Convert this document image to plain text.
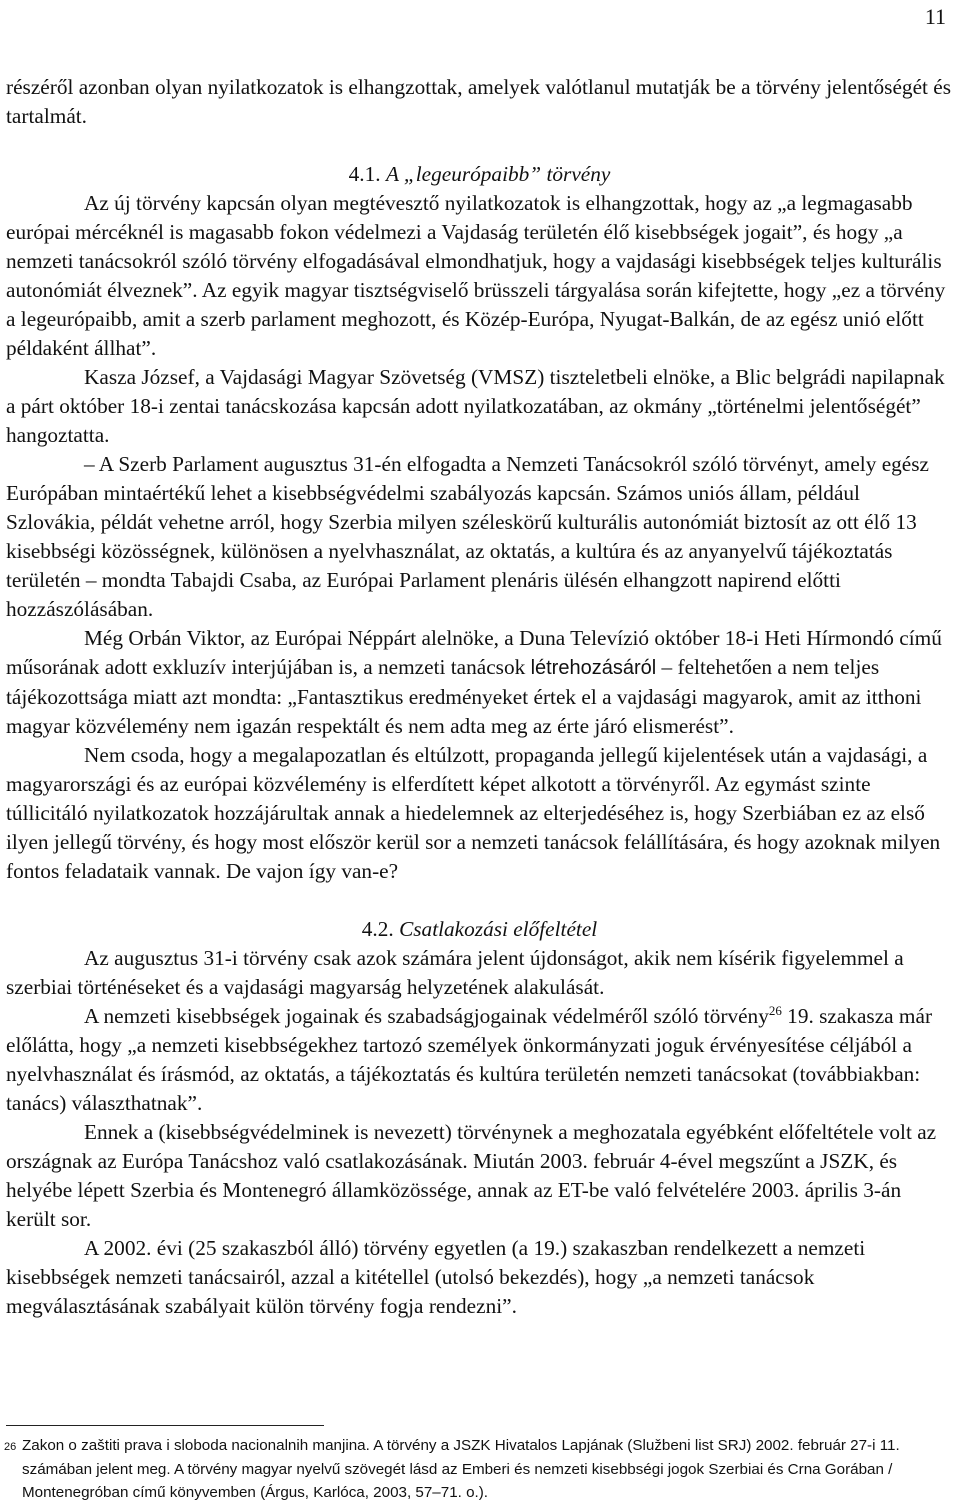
11

részéről azonban olyan nyilatkozatok is elhangzottak, amelyek valótlanul mutatják be a törvény jelentőségét és tartalmát.

4.1. A „legeurópaibb” törvény

Az új törvény kapcsán olyan megtévesztő nyilatkozatok is elhangzottak, hogy az „a legmagasabb európai mércéknél is magasabb fokon védelmezi a Vajdaság területén élő kisebbségek jogait”, és hogy „a nemzeti tanácsokról szóló törvény elfogadásával elmondhatjuk, hogy a vajdasági kisebbségek teljes kulturális autonómiát élveznek”. Az egyik magyar tisztségviselő brüsszeli tárgyalása során kifejtette, hogy „ez a törvény a legeurópaibb, amit a szerb parlament meghozott, és Közép-Európa, Nyugat-Balkán, de az egész unió előtt példaként állhat”.

Kasza József, a Vajdasági Magyar Szövetség (VMSZ) tiszteletbeli elnöke, a Blic belgrádi napilapnak a párt október 18-i zentai tanácskozása kapcsán adott nyilatkozatában, az okmány „történelmi jelentőségét” hangoztatta.

– A Szerb Parlament augusztus 31-én elfogadta a Nemzeti Tanácsokról szóló törvényt, amely egész Európában mintaértékű lehet a kisebbségvédelmi szabályozás kapcsán. Számos uniós állam, például Szlovákia, példát vehetne arról, hogy Szerbia milyen széleskörű kulturális autonómiát biztosít az ott élő 13 kisebbségi közösségnek, különösen a nyelvhasználat, az oktatás, a kultúra és az anyanyelvű tájékoztatás területén – mondta Tabajdi Csaba, az Európai Parlament plenáris ülésén elhangzott napirend előtti hozzászólásában.

Még Orbán Viktor, az Európai Néppárt alelnöke, a Duna Televízió október 18-i Heti Hírmondó című műsorának adott exkluzív interjújában is, a nemzeti tanácsok létrehozásáról – feltehetően a nem teljes tájékozottsága miatt azt mondta: „Fantasztikus eredményeket értek el a vajdasági magyarok, amit az itthoni magyar közvélemény nem igazán respektált és nem adta meg az érte járó elismerést”.

Nem csoda, hogy a megalapozatlan és eltúlzott, propaganda jellegű kijelentések után a vajdasági, a magyarországi és az európai közvélemény is elferdített képet alkotott a törvényről. Az egymást szinte túllicitáló nyilatkozatok hozzájárultak annak a hiedelemnek az elterjedéséhez is, hogy Szerbiában ez az első ilyen jellegű törvény, és hogy most először kerül sor a nemzeti tanácsok felállítására, és hogy azoknak milyen fontos feladataik vannak. De vajon így van-e?

4.2. Csatlakozási előfeltétel

Az augusztus 31-i törvény csak azok számára jelent újdonságot, akik nem kísérik figyelemmel a szerbiai történéseket és a vajdasági magyarság helyzetének alakulását.

A nemzeti kisebbségek jogainak és szabadságjogainak védelméről szóló törvény$^{26}$ 19. szakasza már előlátta, hogy „a nemzeti kisebbségekhez tartozó személyek önkormányzati joguk érvényesítése céljából a nyelvhasználat és írásmód, az oktatás, a tájékoztatás és kultúra terület​én nemzeti tanácsokat (továbbiakban: tanács) választhatnak”.

Ennek a (kisebbségvédelminek is nevezett) törvénynek a meghozatala egyébként előfeltétele volt az országnak az Európa Tanácshoz való csatlakozásának. Miután 2003. február 4-ével megszűnt a JSZK, és helyébe lépett Szerbia és Montenegró államközössége, annak az ET-be való felvételére 2003. április 3-án került sor.

A 2002. évi (25 szakaszból álló) törvény egyetlen (a 19.) szakaszban rendelkezett a nemzeti kisebbségek nemzeti tanácsairól, azzal a kitétellel (utolsó bekezdés), hogy „a nemzeti tanácsok megválasztásának szabályait külön törvény fogja rendezni”.

26 Zakon o zaštiti prava i sloboda nacionalnih manjina. A törvény a JSZK Hivatalos Lapjának (Službeni list SRJ) 2002. február 27-i 11. számában jelent meg. A törvény magyar nyelvű szövegét lásd az Emberi és nemzeti kisebbségi jogok Szerbiai és Crna Gorában / Montenegróban című könyvemben (Árgus, Karlóca, 2003, 57–71. o.).
